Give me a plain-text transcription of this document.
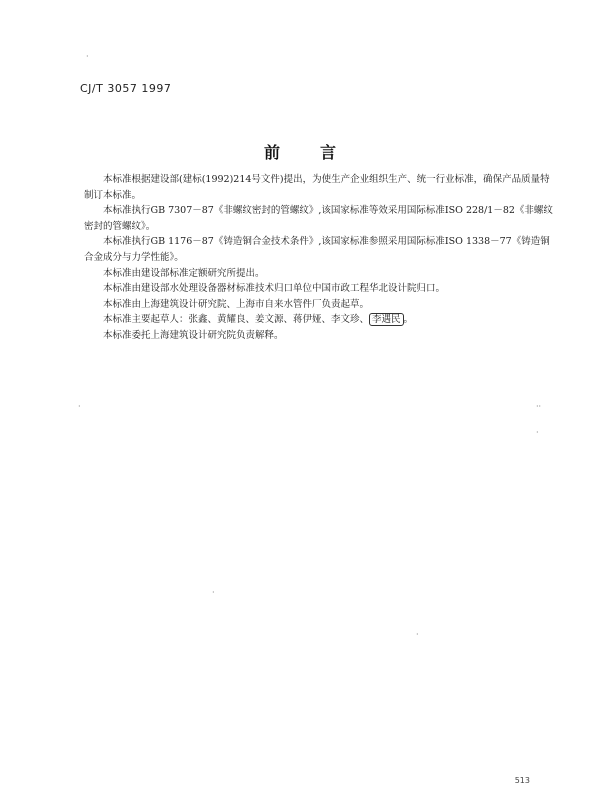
·
CJ/T 3057 1997
前言

本标准根据建设部(建标(1992)214号文件)提出，为使生产企业组织生产、统一行业标准，确保产品质量特制订本标准。

本标准执行GB 7307－87《非螺纹密封的管螺纹》,该国家标准等效采用国际标准ISO 228/1－82《非螺纹密封的管螺纹》。

本标准执行GB 1176－87《铸造铜合金技术条件》,该国家标准参照采用国际标准ISO 1338－77《铸造铜合金成分与力学性能》。

本标准由建设部标准定额研究所提出。

本标准由建设部水处理设备器材标准技术归口单位中国市政工程华北设计院归口。

本标准由上海建筑设计研究院、上海市自来水管件厂负责起草。

本标准主要起草人：张鑫、黄耀良、姜文源、蒋伊娅、李文珍、 李遇民 。

本标准委托上海建筑设计研究院负责解释。

·	··
·
·
·
513
